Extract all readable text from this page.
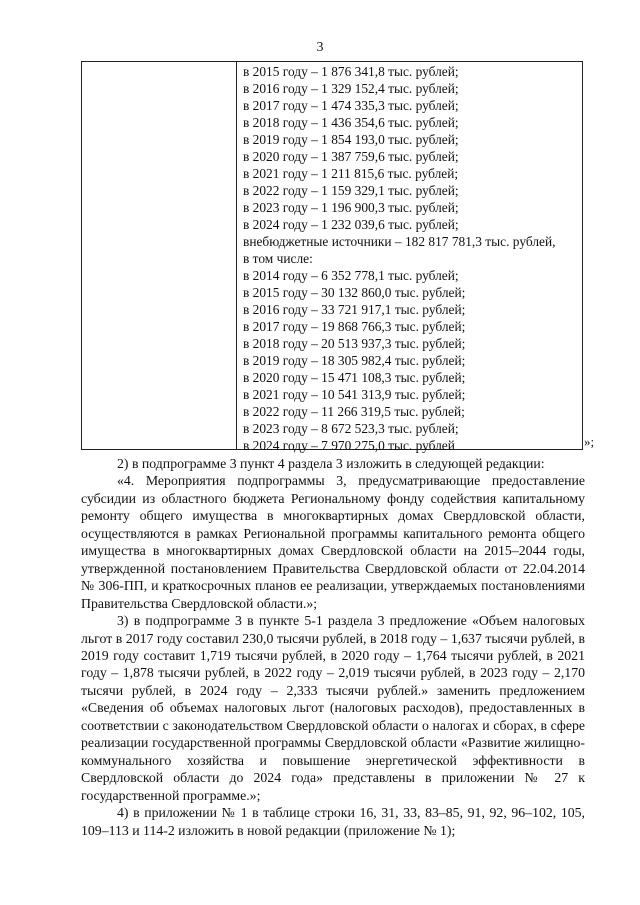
3
в 2015 году – 1 876 341,8 тыс. рублей;
в 2016 году – 1 329 152,4 тыс. рублей;
в 2017 году – 1 474 335,3 тыс. рублей;
в 2018 году – 1 436 354,6 тыс. рублей;
в 2019 году – 1 854 193,0 тыс. рублей;
в 2020 году – 1 387 759,6 тыс. рублей;
в 2021 году – 1 211 815,6 тыс. рублей;
в 2022 году – 1 159 329,1 тыс. рублей;
в 2023 году – 1 196 900,3 тыс. рублей;
в 2024 году – 1 232 039,6 тыс. рублей;
внебюджетные источники – 182 817 781,3 тыс. рублей,
в том числе:
в 2014 году – 6 352 778,1 тыс. рублей;
в 2015 году – 30 132 860,0 тыс. рублей;
в 2016 году – 33 721 917,1 тыс. рублей;
в 2017 году – 19 868 766,3 тыс. рублей;
в 2018 году – 20 513 937,3 тыс. рублей;
в 2019 году – 18 305 982,4 тыс. рублей;
в 2020 году – 15 471 108,3 тыс. рублей;
в 2021 году – 10 541 313,9 тыс. рублей;
в 2022 году – 11 266 319,5 тыс. рублей;
в 2023 году – 8 672 523,3 тыс. рублей;
в 2024 году – 7 970 275,0 тыс. рублей	»;

2) в подпрограмме 3 пункт 4 раздела 3 изложить в следующей редакции:

«4. Мероприятия подпрограммы 3, предусматривающие предоставление субсидии из областного бюджета Региональному фонду содействия капитальному ремонту общего имущества в многоквартирных домах Свердловской области, осуществляются в рамках Региональной программы капитального ремонта общего имущества в многоквартирных домах Свердловской области на 2015–2044 годы, утвержденной постановлением Правительства Свердловской области от 22.04.2014 № 306-ПП, и краткосрочных планов ее реализации, утверждаемых постановлениями Правительства Свердловской области.»;

3) в подпрограмме 3 в пункте 5-1 раздела 3 предложение «Объем налоговых льгот в 2017 году составил 230,0 тысячи рублей, в 2018 году – 1,637 тысячи рублей, в 2019 году составит 1,719 тысячи рублей, в 2020 году – 1,764 тысячи рублей, в 2021 году – 1,878 тысячи рублей, в 2022 году – 2,019 тысячи рублей, в 2023 году – 2,170 тысячи рублей, в 2024 году – 2,333 тысячи рублей.» заменить предложением «Сведения об объемах налоговых льгот (налоговых расходов), предоставленных в соответствии с законодательством Свердловской области о налогах и сборах, в сфере реализации государственной программы Свердловской области «Развитие жилищно-коммунального хозяйства и повышение энергетической эффективности в Свердловской области до 2024 года» представлены в приложении № 27 к государственной программе.»;

4) в приложении № 1 в таблице строки 16, 31, 33, 83–85, 91, 92, 96–102, 105, 109–113 и 114-2 изложить в новой редакции (приложение № 1);
